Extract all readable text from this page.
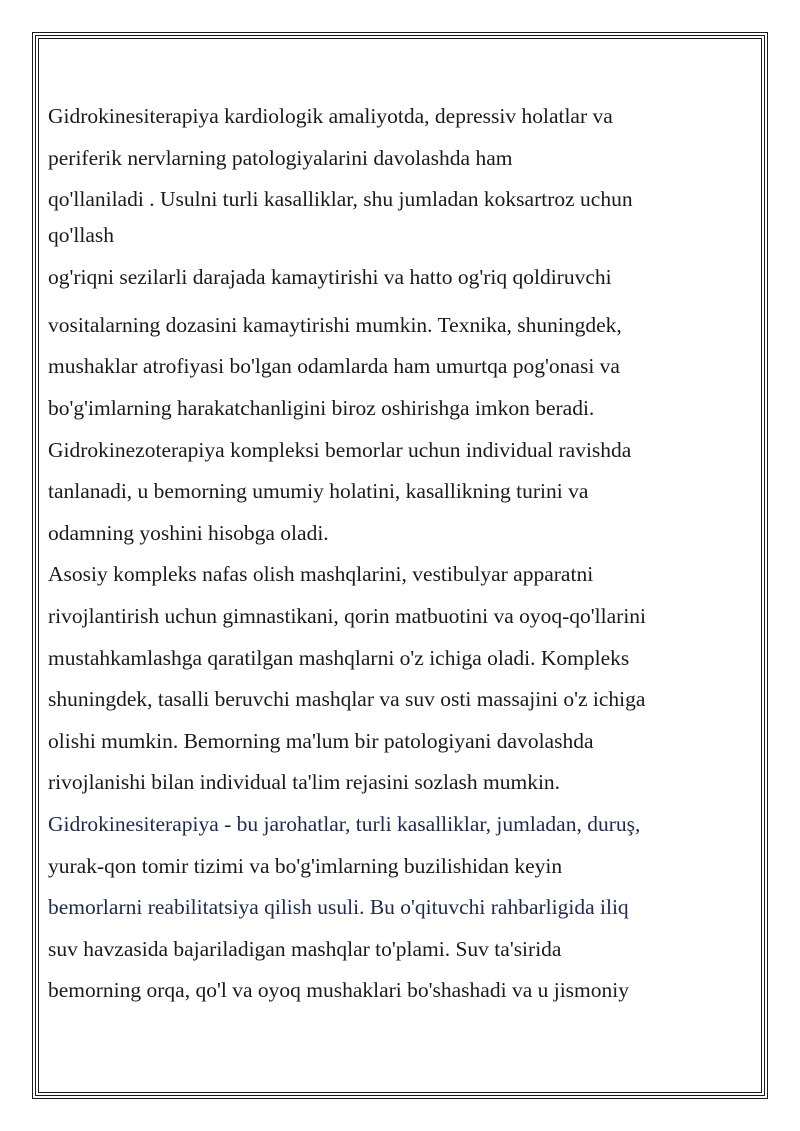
Gidrokinesiterapiya kardiologik amaliyotda, depressiv holatlar va
periferik nervlarning patologiyalarini davolashda ham
qo'llaniladi . Usulni turli kasalliklar, shu jumladan koksartroz uchun
qo'llash
og'riqni sezilarli darajada kamaytirishi va hatto og'riq qoldiruvchi
vositalarning dozasini kamaytirishi mumkin. Texnika, shuningdek,
mushaklar atrofiyasi bo'lgan odamlarda ham umurtqa pog'onasi va
bo'g'imlarning harakatchanligini biroz oshirishga imkon beradi.
Gidrokinezoterapiya kompleksi bemorlar uchun individual ravishda
tanlanadi, u bemorning umumiy holatini, kasallikning turini va
odamning yoshini hisobga oladi.
Asosiy kompleks nafas olish mashqlarini, vestibulyar apparatni
rivojlantirish uchun gimnastikani, qorin matbuotini va oyoq-qo'llarini
mustahkamlashga qaratilgan mashqlarni o'z ichiga oladi. Kompleks
shuningdek, tasalli beruvchi mashqlar va suv osti massajini o'z ichiga
olishi mumkin. Bemorning ma'lum bir patologiyani davolashda
rivojlanishi bilan individual ta'lim rejasini sozlash mumkin.
Gidrokinesiterapiya - bu jarohatlar, turli kasalliklar, jumladan, duruş,
yurak-qon tomir tizimi va bo'g'imlarning buzilishidan keyin
bemorlarni reabilitatsiya qilish usuli. Bu o'qituvchi rahbarligida iliq
suv havzasida bajariladigan mashqlar to'plami. Suv ta'sirida
bemorning orqa, qo'l va oyoq mushaklari bo'shashadi va u jismoniy
